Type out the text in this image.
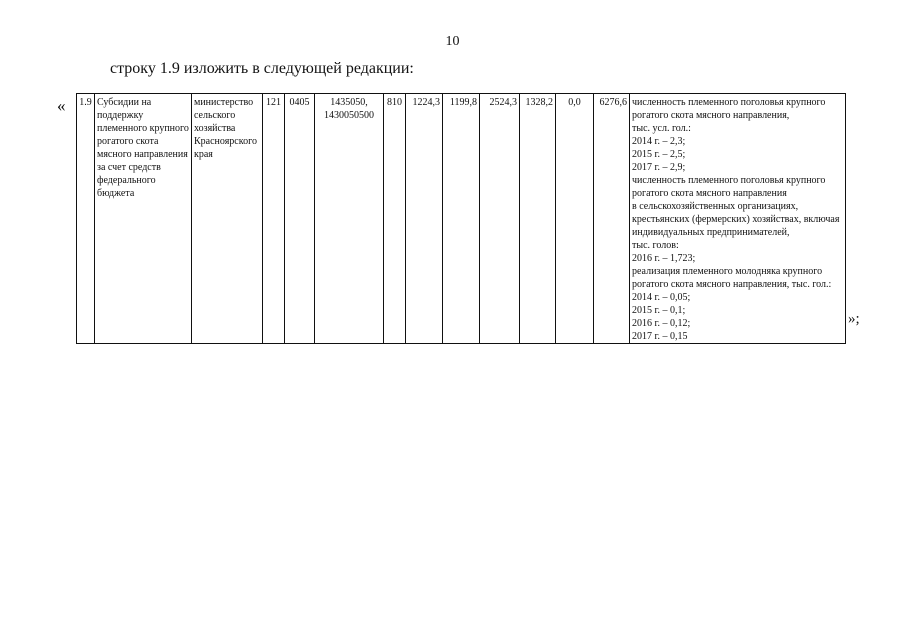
10
строку 1.9 изложить в следующей редакции:
« 1.9	Субсидии на поддержку племенного крупного рогатого скота мясного направления за счет средств федерального бюджета	министерство сельского хозяйства Красноярского края	121	0405	1435050, 1430050500	810	1224,3	1199,8	2524,3	1328,2	0,0	6276,6	численность племенного поголовья крупного рогатого скота мясного направления,
тыс. усл. гол.:
2014 г. – 2,3;
2015 г. – 2,5;
2017 г. – 2,9;
численность племенного поголовья крупного рогатого скота мясного направления
в сельскохозяйственных организациях, крестьянских (фермерских) хозяйствах, включая индивидуальных предпринимателей,
тыс. голов:
2016 г. – 1,723;
реализация племенного молодняка крупного рогатого скота мясного направления, тыс. гол.:
2014 г. – 0,05;
2015 г. – 0,1;
2016 г. – 0,12;
2017 г. – 0,15
»;
